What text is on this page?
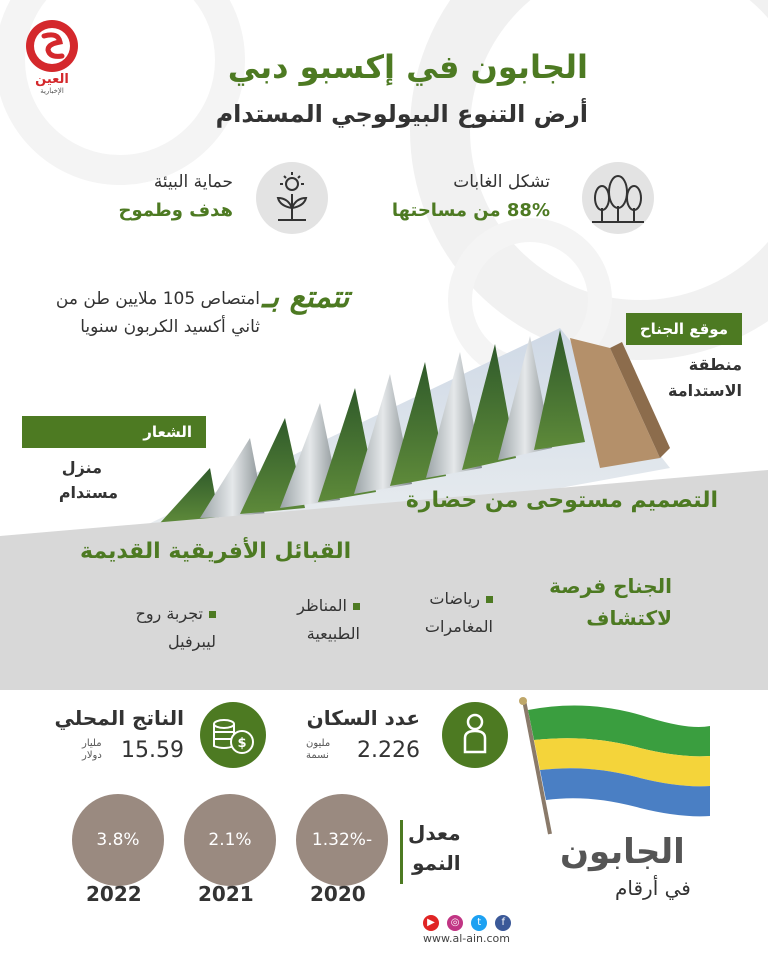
العين
الإخبارية
الجابون في إكسبو دبي
أرض التنوع البيولوجي المستدام
تشكل الغابات
88% من مساحتها
حماية البيئة
هدف وطموح
تتمتع بـ
امتصاص 105 ملايين طن من ثاني أكسيد الكربون سنويا	موقع الجناح
منطقة
الاستدامة
الشعار
منزل
مستدام	التصميم مستوحى من حضارة
القبائل الأفريقية القديمة
الجناح فرصة
لاكتشاف
رياضات
المغامرات
المناظر
الطبيعية
تجربة روح
ليبرفيل
عدد السكان
2.226
مليون
نسمة
$
الناتج المحلي
15.59
مليار
دولار
معدل
النمو
-1.32%
2020
2.1%
2021
3.8%
2022
الجابون
في أرقام
▶ ◎ t f
www.al-ain.com
